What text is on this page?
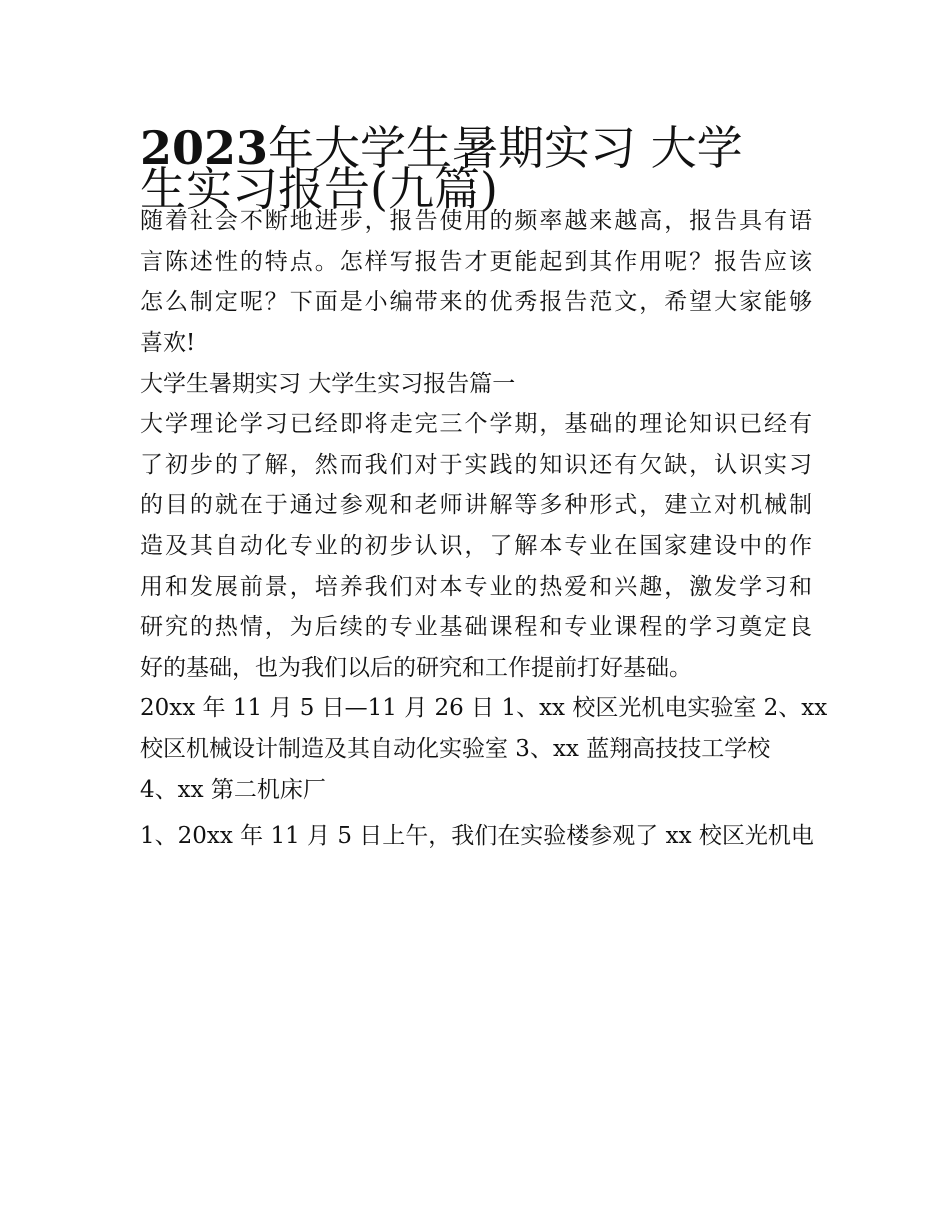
2023年大学生暑期实习 大学
生实习报告(九篇)
随着社会不断地进步，报告使用的频率越来越高，报告具有语
言陈述性的特点。怎样写报告才更能起到其作用呢？报告应该
怎么制定呢？下面是小编带来的优秀报告范文，希望大家能够
喜欢!
大学生暑期实习 大学生实习报告篇一
大学理论学习已经即将走完三个学期，基础的理论知识已经有
了初步的了解，然而我们对于实践的知识还有欠缺，认识实习
的目的就在于通过参观和老师讲解等多种形式，建立对机械制
造及其自动化专业的初步认识，了解本专业在国家建设中的作
用和发展前景，培养我们对本专业的热爱和兴趣，激发学习和
研究的热情，为后续的专业基础课程和专业课程的学习奠定良
好的基础，也为我们以后的研究和工作提前打好基础。
20xx 年 11 月 5 日—11 月 26 日 1、xx 校区光机电实验室 2、xx
校区机械设计制造及其自动化实验室 3、xx 蓝翔高技技工学校
4、xx 第二机床厂
1、20xx 年 11 月 5 日上午，我们在实验楼参观了 xx 校区光机电
